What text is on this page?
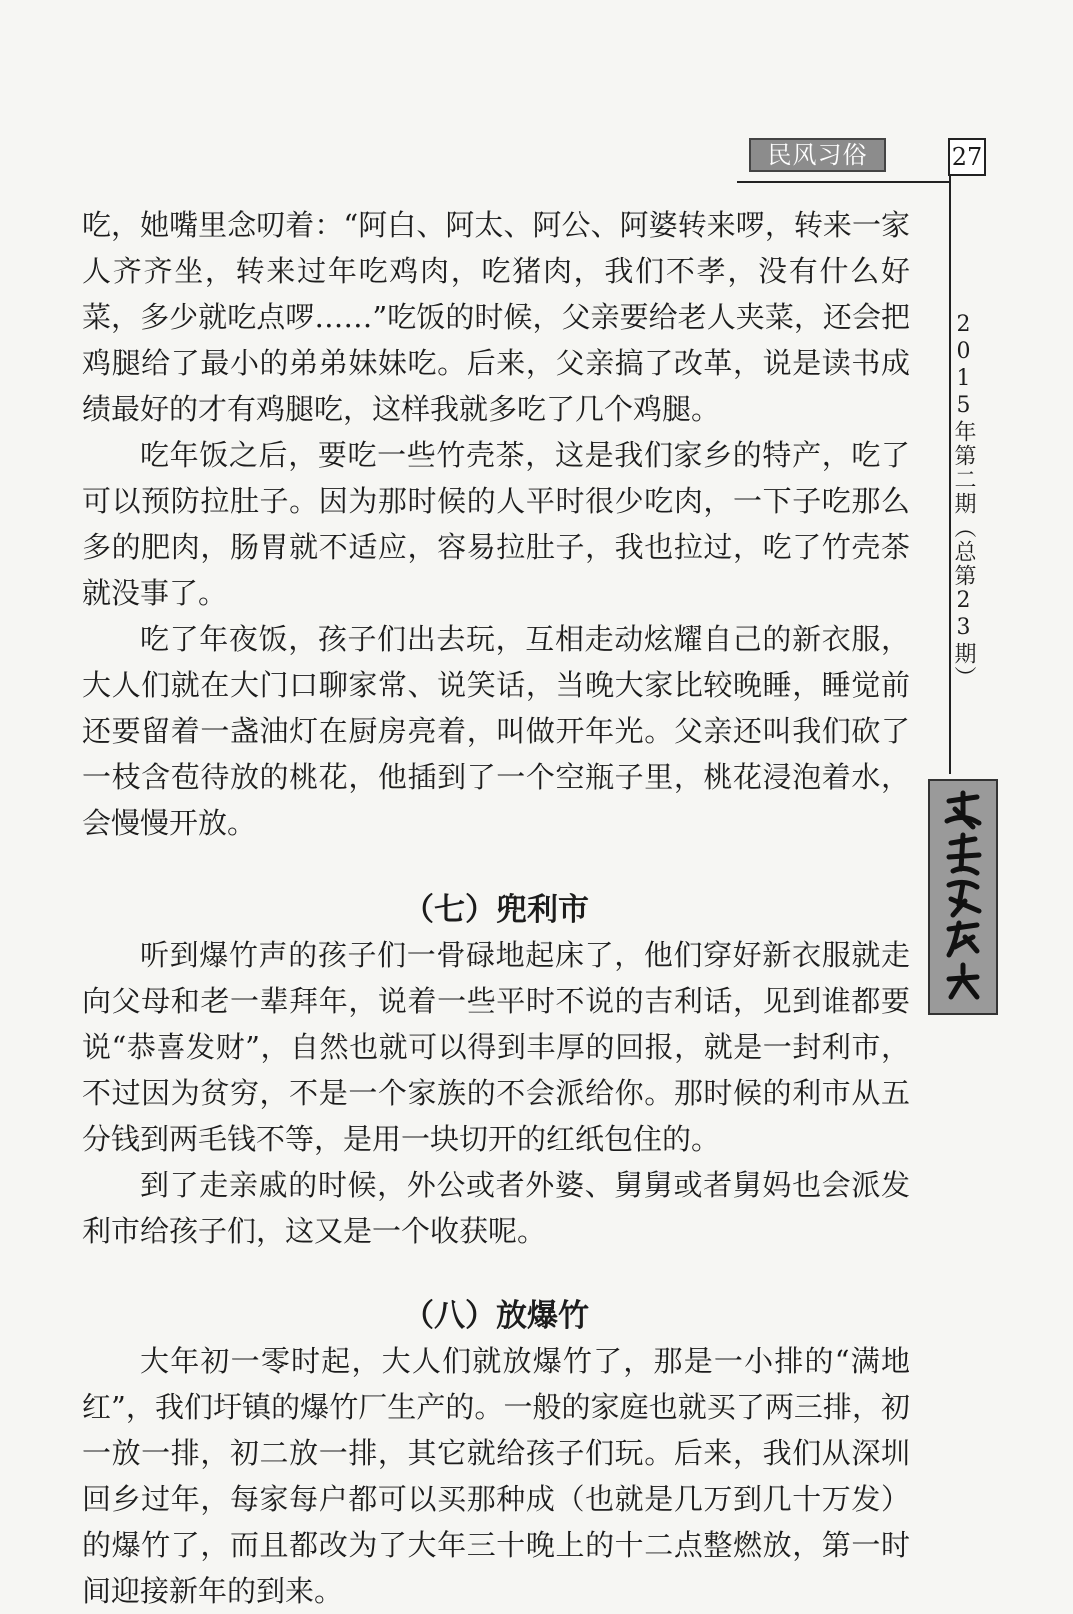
民风习俗	27
2015年第二期（总第23期）

吃，她嘴里念叨着：“阿白、阿太、阿公、阿婆转来啰，转来一家人齐齐坐，转来过年吃鸡肉，吃猪肉，我们不孝，没有什么好菜，多少就吃点啰……”吃饭的时候，父亲要给老人夹菜，还会把鸡腿给了最小的弟弟妹妹吃。后来，父亲搞了改革，说是读书成绩最好的才有鸡腿吃，这样我就多吃了几个鸡腿。

吃年饭之后，要吃一些竹壳茶，这是我们家乡的特产，吃了可以预防拉肚子。因为那时候的人平时很少吃肉，一下子吃那么多的肥肉，肠胃就不适应，容易拉肚子，我也拉过，吃了竹壳茶就没事了。

吃了年夜饭，孩子们出去玩，互相走动炫耀自己的新衣服，大人们就在大门口聊家常、说笑话，当晚大家比较晚睡，睡觉前还要留着一盏油灯在厨房亮着，叫做开年光。父亲还叫我们砍了一枝含苞待放的桃花，他插到了一个空瓶子里，桃花浸泡着水，会慢慢开放。

（七）兜利市

听到爆竹声的孩子们一骨碌地起床了，他们穿好新衣服就走向父母和老一辈拜年，说着一些平时不说的吉利话，见到谁都要说“恭喜发财”，自然也就可以得到丰厚的回报，就是一封利市，不过因为贫穷，不是一个家族的不会派给你。那时候的利市从五分钱到两毛钱不等，是用一块切开的红纸包住的。

到了走亲戚的时候，外公或者外婆、舅舅或者舅妈也会派发利市给孩子们，这又是一个收获呢。

（八）放爆竹

大年初一零时起，大人们就放爆竹了，那是一小排的“满地红”，我们圩镇的爆竹厂生产的。一般的家庭也就买了两三排，初一放一排，初二放一排，其它就给孩子们玩。后来，我们从深圳回乡过年，每家每户都可以买那种成（也就是几万到几十万发）的爆竹了，而且都改为了大年三十晚上的十二点整燃放，第一时间迎接新年的到来。
